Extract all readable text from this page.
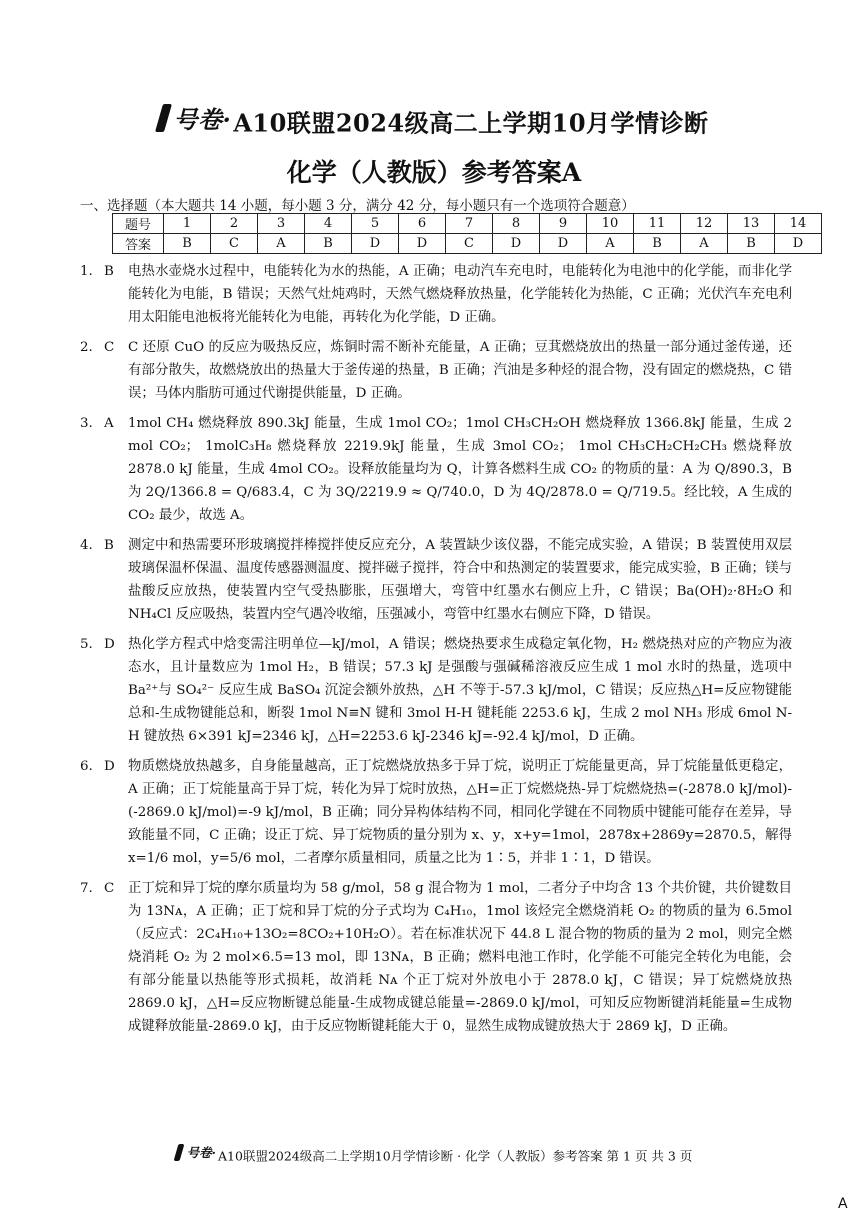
号卷· A10联盟2024级高二上学期10月学情诊断
化学（人教版）参考答案A
一、选择题（本大题共 14 小题，每小题 3 分，满分 42 分，每小题只有一个选项符合题意）
题号	1	2	3	4	5	6	7	8	9	10	11	12	13	14
答案	B	C	A	B	D	D	C	D	D	A	B	A	B	D
1. B	电热水壶烧水过程中，电能转化为水的热能，A 正确；电动汽车充电时，电能转化为电池中的化学能，而非化学能转化为电能，B 错误；天然气灶炖鸡时，天然气燃烧释放热量，化学能转化为热能，C 正确；光伏汽车充电利用太阳能电池板将光能转化为电能，再转化为化学能，D 正确。
2. C	C 还原 CuO 的反应为吸热反应，炼铜时需不断补充能量，A 正确；豆萁燃烧放出的热量一部分通过釜传递，还有部分散失，故燃烧放出的热量大于釜传递的热量，B 正确；汽油是多种烃的混合物，没有固定的燃烧热，C 错误；马体内脂肪可通过代谢提供能量，D 正确。
3. A	1mol CH₄ 燃烧释放 890.3kJ 能量，生成 1mol CO₂；1mol CH₃CH₂OH 燃烧释放 1366.8kJ 能量，生成 2 mol CO₂； 1molC₃H₈ 燃烧释放 2219.9kJ 能量，生成 3mol CO₂； 1mol CH₃CH₂CH₂CH₃ 燃烧释放 2878.0 kJ 能量，生成 4mol CO₂。设释放能量均为 Q，计算各燃料生成 CO₂ 的物质的量：A 为 Q/890.3，B 为 2Q/1366.8 = Q/683.4，C 为 3Q/2219.9 ≈ Q/740.0，D 为 4Q/2878.0 = Q/719.5。经比较，A 生成的 CO₂ 最少，故选 A。
4. B	测定中和热需要环形玻璃搅拌棒搅拌使反应充分，A 装置缺少该仪器，不能完成实验，A 错误；B 装置使用双层玻璃保温杯保温、温度传感器测温度、搅拌磁子搅拌，符合中和热测定的装置要求，能完成实验，B 正确；镁与盐酸反应放热，使装置内空气受热膨胀，压强增大，弯管中红墨水右侧应上升，C 错误；Ba(OH)₂·8H₂O 和 NH₄Cl 反应吸热，装置内空气遇冷收缩，压强减小，弯管中红墨水右侧应下降，D 错误。
5. D 热化学方程式中焓变需注明单位—kJ/mol，A 错误；燃烧热要求生成稳定氧化物，H₂ 燃烧热对应的产物应为液态水，且计量数应为 1mol H₂，B 错误；57.3 kJ 是强酸与强碱稀溶液反应生成 1 mol 水时的热量，选项中 Ba²⁺与 SO₄²⁻ 反应生成 BaSO₄ 沉淀会额外放热，△H 不等于-57.3 kJ/mol，C 错误；反应热△H=反应物键能总和-生成物键能总和，断裂 1mol N≡N 键和 3mol H-H 键耗能 2253.6 kJ，生成 2 mol NH₃ 形成 6mol N-H 键放热 6×391 kJ=2346 kJ，△H=2253.6 kJ-2346 kJ=-92.4 kJ/mol，D 正确。
6. D 物质燃烧放热越多，自身能量越高，正丁烷燃烧放热多于异丁烷，说明正丁烷能量更高，异丁烷能量低更稳定，A 正确；正丁烷能量高于异丁烷，转化为异丁烷时放热，△H=正丁烷燃烧热-异丁烷燃烧热=(-2878.0 kJ/mol)-(-2869.0 kJ/mol)=-9 kJ/mol，B 正确；同分异构体结构不同，相同化学键在不同物质中键能可能存在差异，导致能量不同，C 正确；设正丁烷、异丁烷物质的量分别为 x、y，x+y=1mol，2878x+2869y=2870.5，解得 x=1/6 mol，y=5/6 mol，二者摩尔质量相同，质量之比为 1∶5，并非 1∶1，D 错误。
7. C	正丁烷和异丁烷的摩尔质量均为 58 g/mol，58 g 混合物为 1 mol，二者分子中均含 13 个共价键，共价键数目为 13Nᴀ，A 正确；正丁烷和异丁烷的分子式均为 C₄H₁₀，1mol 该烃完全燃烧消耗 O₂ 的物质的量为 6.5mol（反应式：2C₄H₁₀+13O₂=8CO₂+10H₂O）。若在标准状况下 44.8 L 混合物的物质的量为 2 mol，则完全燃烧消耗 O₂ 为 2 mol×6.5=13 mol，即 13Nᴀ，B 正确；燃料电池工作时，化学能不可能完全转化为电能，会有部分能量以热能等形式损耗，故消耗 Nᴀ 个正丁烷对外放电小于 2878.0 kJ，C 错误；异丁烷燃烧放热 2869.0 kJ，△H=反应物断键总能量-生成物成键总能量=-2869.0 kJ/mol，可知反应物断键消耗能量=生成物成键释放能量-2869.0 kJ，由于反应物断键耗能大于 0，显然生成物成键放热大于 2869 kJ，D 正确。
号卷· A10联盟2024级高二上学期10月学情诊断 · 化学（人教版）参考答案 第 1 页 共 3 页
A
